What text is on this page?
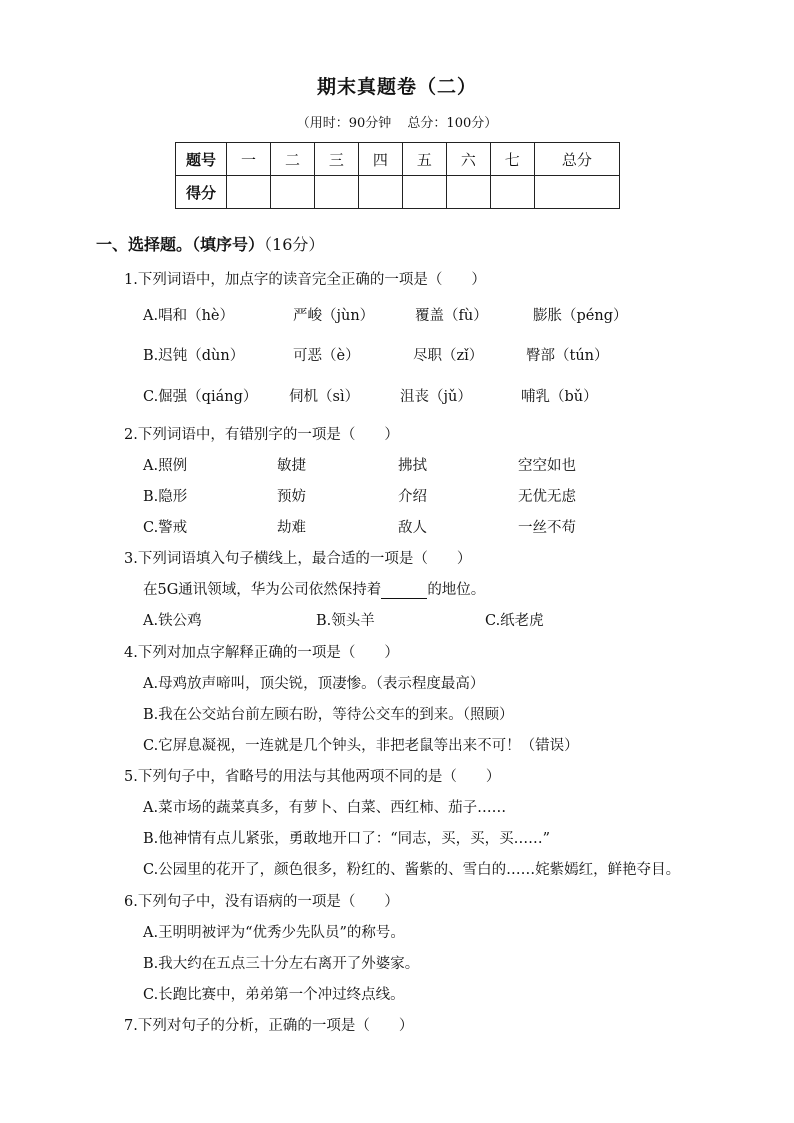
期末真题卷（二）
（用时：90分钟 总分：100分）
题号	一	二	三	四	五	六	七	总分
得分								
一、选择题。（填序号）（16分）
1.下列词语中，加点字的读音完全正确的一项是（　　）
A.唱和（hè）	严峻（jùn）	覆盖（fù）	膨胀（péng）
B.迟钝（dùn）	可恶（è）	尽职（zǐ）	臀部（tún）
C.倔强（qiáng） 伺机（sì）	沮丧（jǔ）	哺乳（bǔ）
2.下列词语中，有错别字的一项是（　　）
A.照例	敏捷	拂拭	空空如也
B.隐形	预妨	介绍	无优无虑
C.警戒	劫难	敌人	一丝不苟
3.下列词语填入句子横线上，最合适的一项是（　　）
在5G通讯领域，华为公司依然保持着	的地位。
A.铁公鸡	B.领头羊	C.纸老虎
4.下列对加点字解释正确的一项是（　　）
A.母鸡放声啼叫，顶尖锐，顶凄惨。（表示程度最高）
B.我在公交站台前左顾右盼，等待公交车的到来。（照顾）
C.它屏息凝视，一连就是几个钟头，非把老鼠等出来不可！（错误）
5.下列句子中，省略号的用法与其他两项不同的是（　　）
A.菜市场的蔬菜真多，有萝卜、白菜、西红柿、茄子……
B.他神情有点儿紧张，勇敢地开口了：“同志，买，买，买……”
C.公园里的花开了，颜色很多，粉红的、酱紫的、雪白的……姹紫嫣红，鲜艳夺目。
6.下列句子中，没有语病的一项是（　　）
A.王明明被评为“优秀少先队员”的称号。
B.我大约在五点三十分左右离开了外婆家。
C.长跑比赛中，弟弟第一个冲过终点线。
7.下列对句子的分析，正确的一项是（　　）
